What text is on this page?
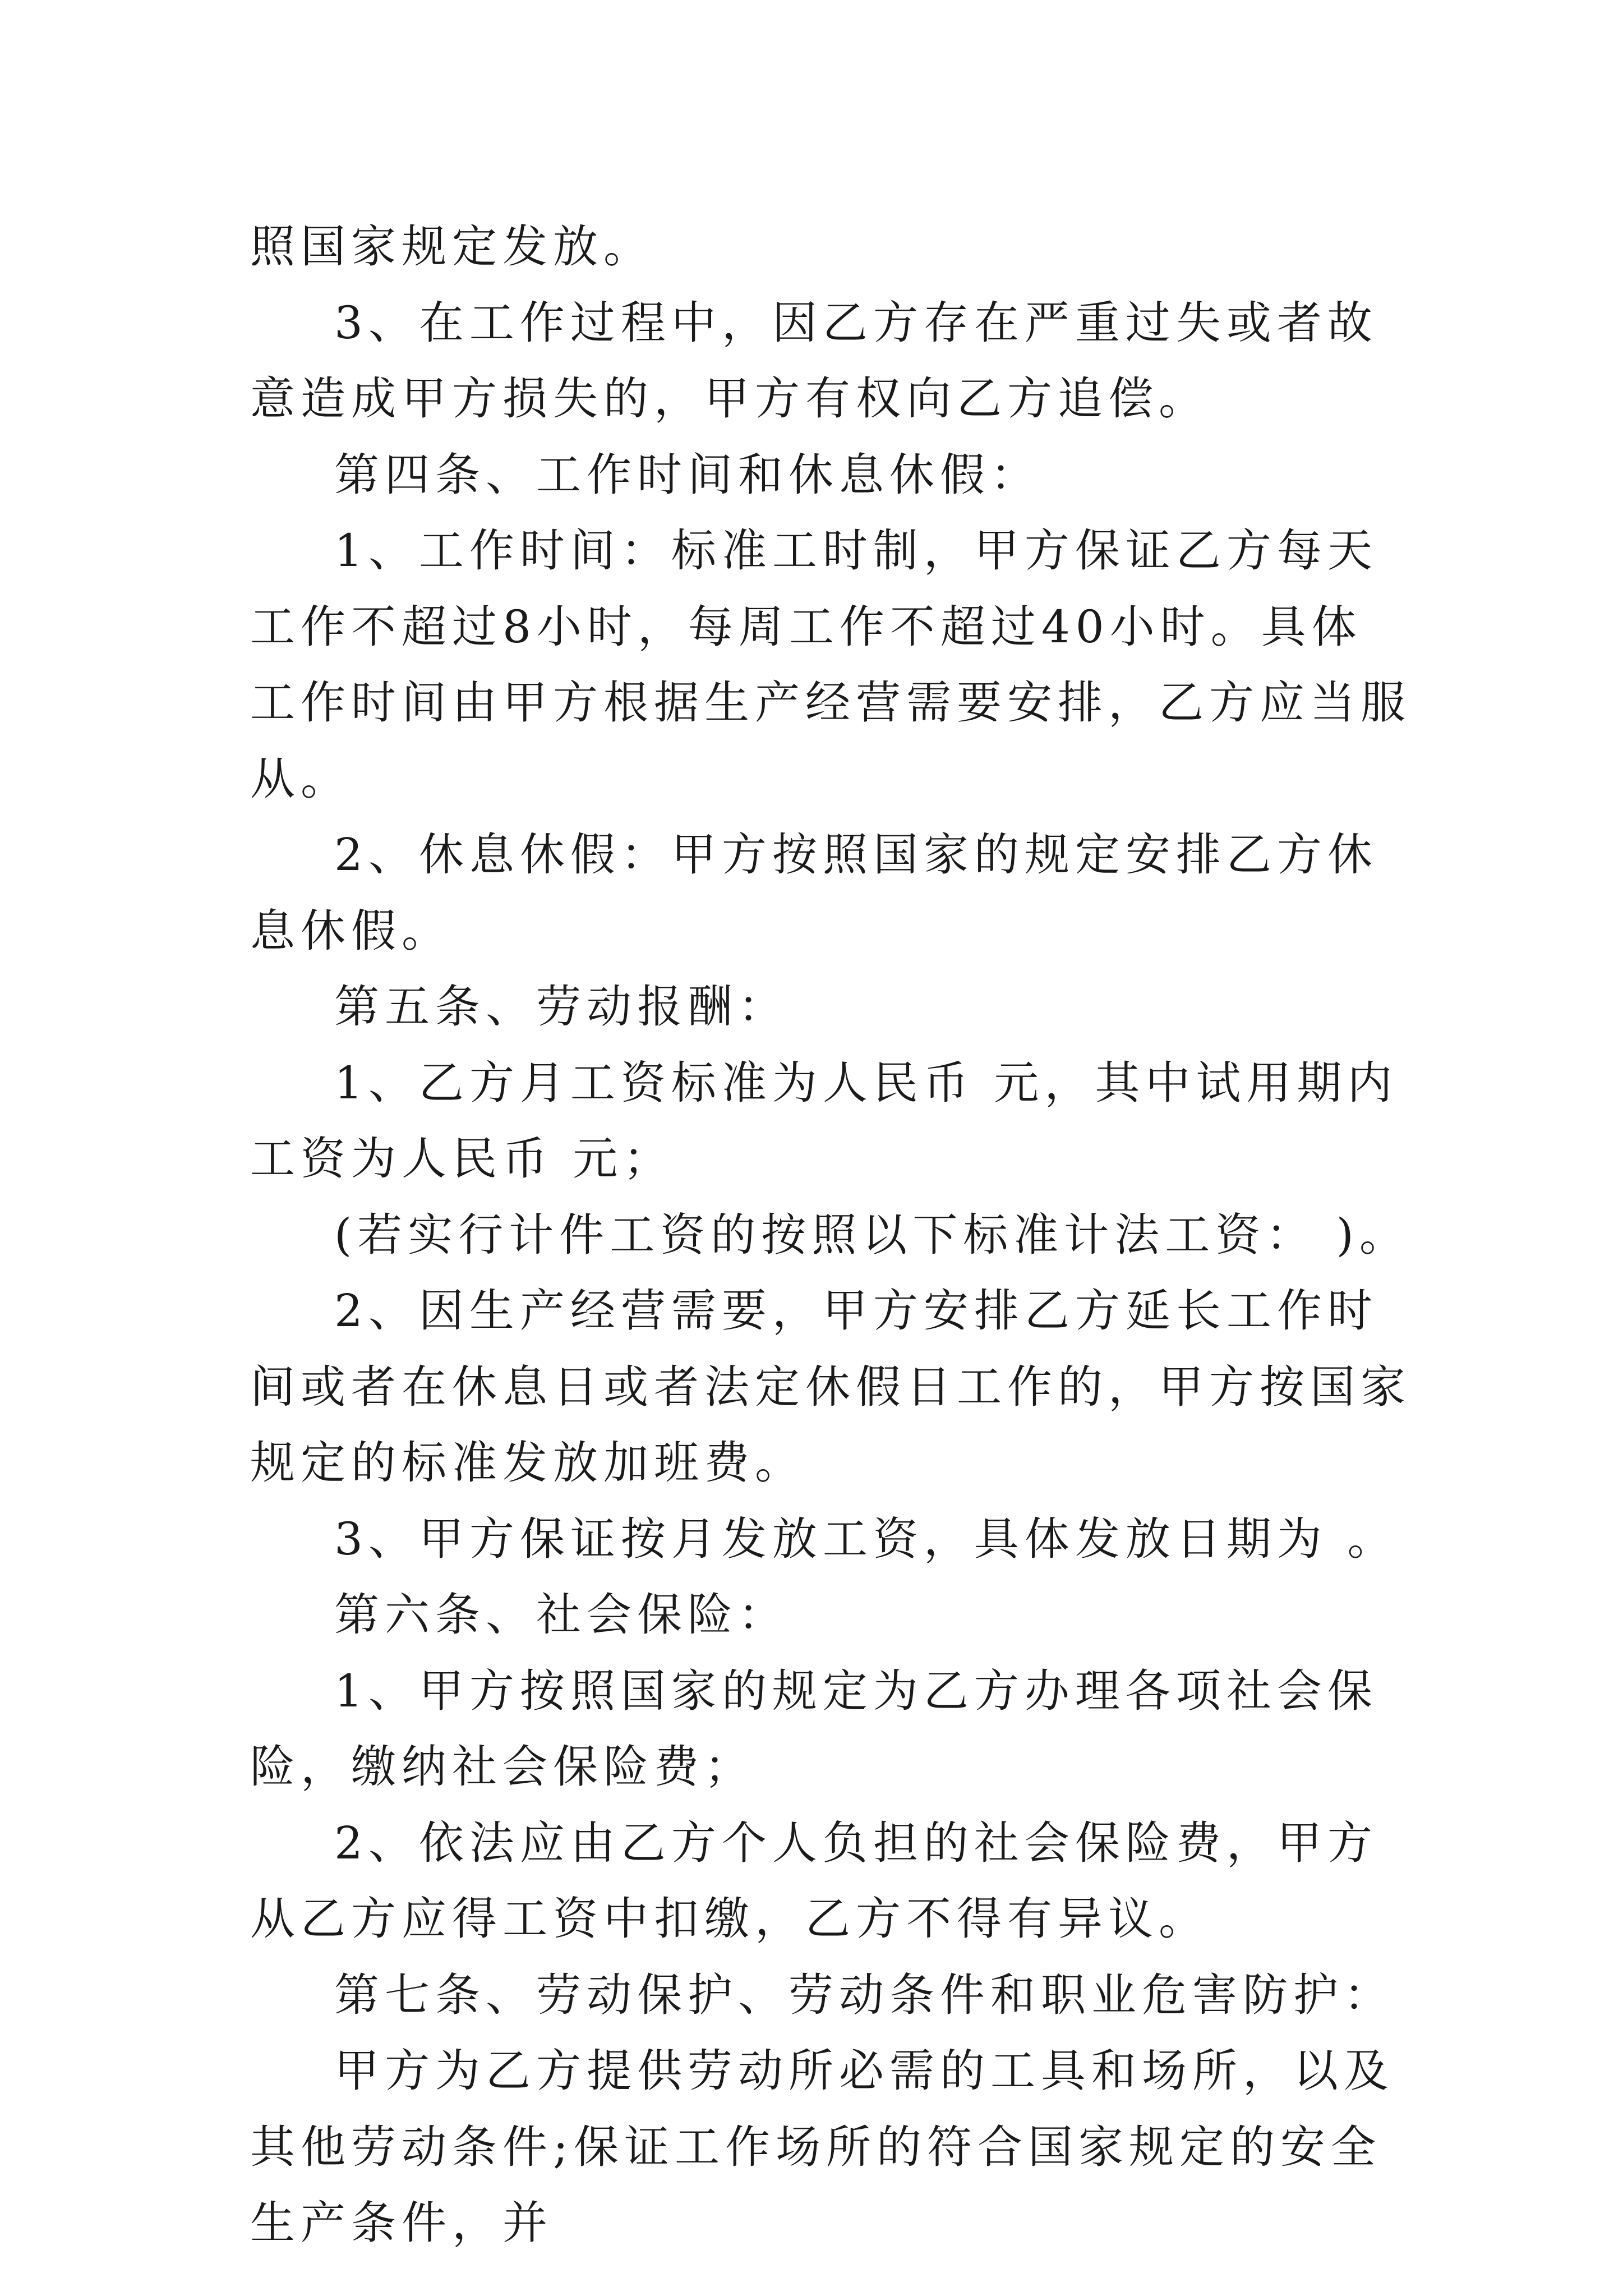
照国家规定发放。

3、在工作过程中，因乙方存在严重过失或者故意造成甲方损失的，甲方有权向乙方追偿。

第四条、工作时间和休息休假：

1、工作时间：标准工时制，甲方保证乙方每天工作不超过8小时，每周工作不超过40小时。具体工作时间由甲方根据生产经营需要安排，乙方应当服从。

2、休息休假：甲方按照国家的规定安排乙方休息休假。

第五条、劳动报酬：

1、乙方月工资标准为人民币 元，其中试用期内工资为人民币 元；

(若实行计件工资的按照以下标准计法工资： )。

2、因生产经营需要，甲方安排乙方延长工作时间或者在休息日或者法定休假日工作的，甲方按国家规定的标准发放加班费。

3、甲方保证按月发放工资，具体发放日期为 。

第六条、社会保险：

1、甲方按照国家的规定为乙方办理各项社会保险，缴纳社会保险费；

2、依法应由乙方个人负担的社会保险费，甲方从乙方应得工资中扣缴，乙方不得有异议。

第七条、劳动保护、劳动条件和职业危害防护：

甲方为乙方提供劳动所必需的工具和场所，以及其他劳动条件;保证工作场所的符合国家规定的安全生产条件，并
